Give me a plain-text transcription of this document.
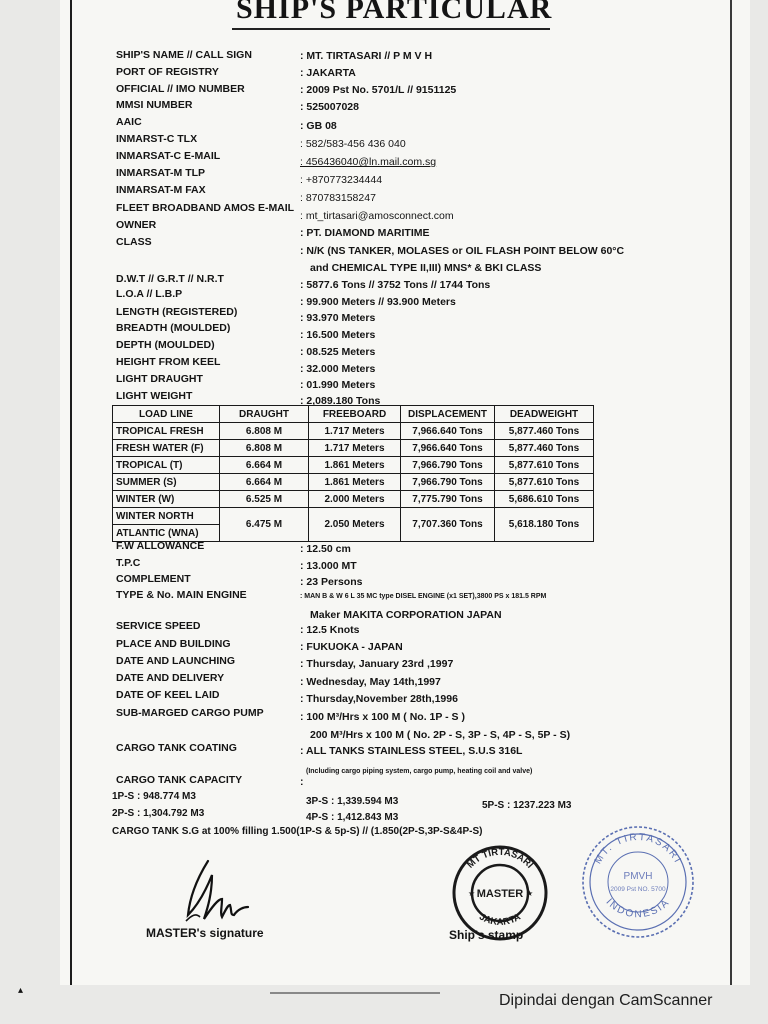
SHIP'S PARTICULAR
SHIP'S NAME // CALL SIGN	: MT. TIRTASARI // P M V H
PORT OF REGISTRY	: JAKARTA
OFFICIAL // IMO NUMBER	: 2009 Pst No. 5701/L // 9151125
MMSI NUMBER	: 525007028
AAIC	: GB 08
INMARST-C TLX	: 582/583-456 436 040
INMARSAT-C E-MAIL	: 456436040@ln.mail.com.sg
INMARSAT-M TLP
: +870773234444
INMARSAT-M FAX
: 870783158247
FLEET BROADBAND AMOS E-MAIL
: mt_tirtasari@amosconnect.com
OWNER
: PT. DIAMOND MARITIME
CLASS
: N/K (NS TANKER, MOLASES or OIL FLASH POINT BELOW 60°C
and CHEMICAL TYPE II,III) MNS* & BKI CLASS
D.W.T // G.R.T // N.R.T	: 5877.6 Tons // 3752 Tons // 1744 Tons
L.O.A // L.B.P
: 99.900 Meters // 93.900 Meters
LENGTH (REGISTERED)	: 93.970 Meters
BREADTH (MOULDED)
: 16.500 Meters
DEPTH (MOULDED)
: 08.525 Meters
HEIGHT FROM KEEL
: 32.000 Meters
LIGHT DRAUGHT	: 01.990 Meters
LIGHT WEIGHT	: 2,089.180 Tons
LOAD LINE	DRAUGHT	FREEBOARD	DISPLACEMENT	DEADWEIGHT
TROPICAL FRESH	6.808 M	1.717 Meters	7,966.640 Tons	5,877.460 Tons
FRESH WATER (F)	6.808 M	1.717 Meters	7,966.640 Tons	5,877.460 Tons
TROPICAL (T)	6.664 M	1.861 Meters	7,966.790 Tons	5,877.610 Tons
SUMMER (S)	6.664 M	1.861 Meters	7,966.790 Tons	5,877.610 Tons
WINTER (W)	6.525 M	2.000 Meters	7,775.790 Tons	5,686.610 Tons
WINTER NORTH	6.475 M	2.050 Meters	7,707.360 Tons	5,618.180 Tons
ATLANTIC (WNA)				
F.W ALLOWANCE	: 12.50 cm
T.P.C	: 13.000 MT
COMPLEMENT	: 23 Persons
TYPE & No. MAIN ENGINE	: MAN B & W 6 L 35 MC type DISEL ENGINE (x1 SET),3800 PS x 181.5 RPM
Maker MAKITA CORPORATION JAPAN
SERVICE SPEED	: 12.5 Knots
PLACE AND BUILDING	: FUKUOKA - JAPAN
DATE AND LAUNCHING	: Thursday, January 23rd ,1997
DATE AND DELIVERY	: Wednesday, May 14th,1997
DATE OF KEEL LAID	: Thursday,November 28th,1996
SUB-MARGED CARGO PUMP	: 100 M³/Hrs x 100 M ( No. 1P - S )
200 M³/Hrs x 100 M ( No. 2P - S, 3P - S, 4P - S, 5P - S)
CARGO TANK COATING	: ALL TANKS STAINLESS STEEL, S.U.S 316L
(Including cargo piping system, cargo pump, heating coil and valve)
CARGO TANK CAPACITY	:
1P-S : 948.774 M3
2P-S : 1,304.792 M3
3P-S : 1,339.594 M3
4P-S : 1,412.843 M3
5P-S : 1237.223 M3
CARGO TANK S.G at 100% filling 1.500(1P-S & 5p-S) // (1.850(2P-S,3P-S&4P-S)
MASTER's signature
MT TIRTASARI
MASTER
JAKARTA
★	★
Ship's stamp
MT. TIRTASARI
PMVH
2009 Pst NO. 5700
INDONESIA
▴
Dipindai dengan CamScanner
